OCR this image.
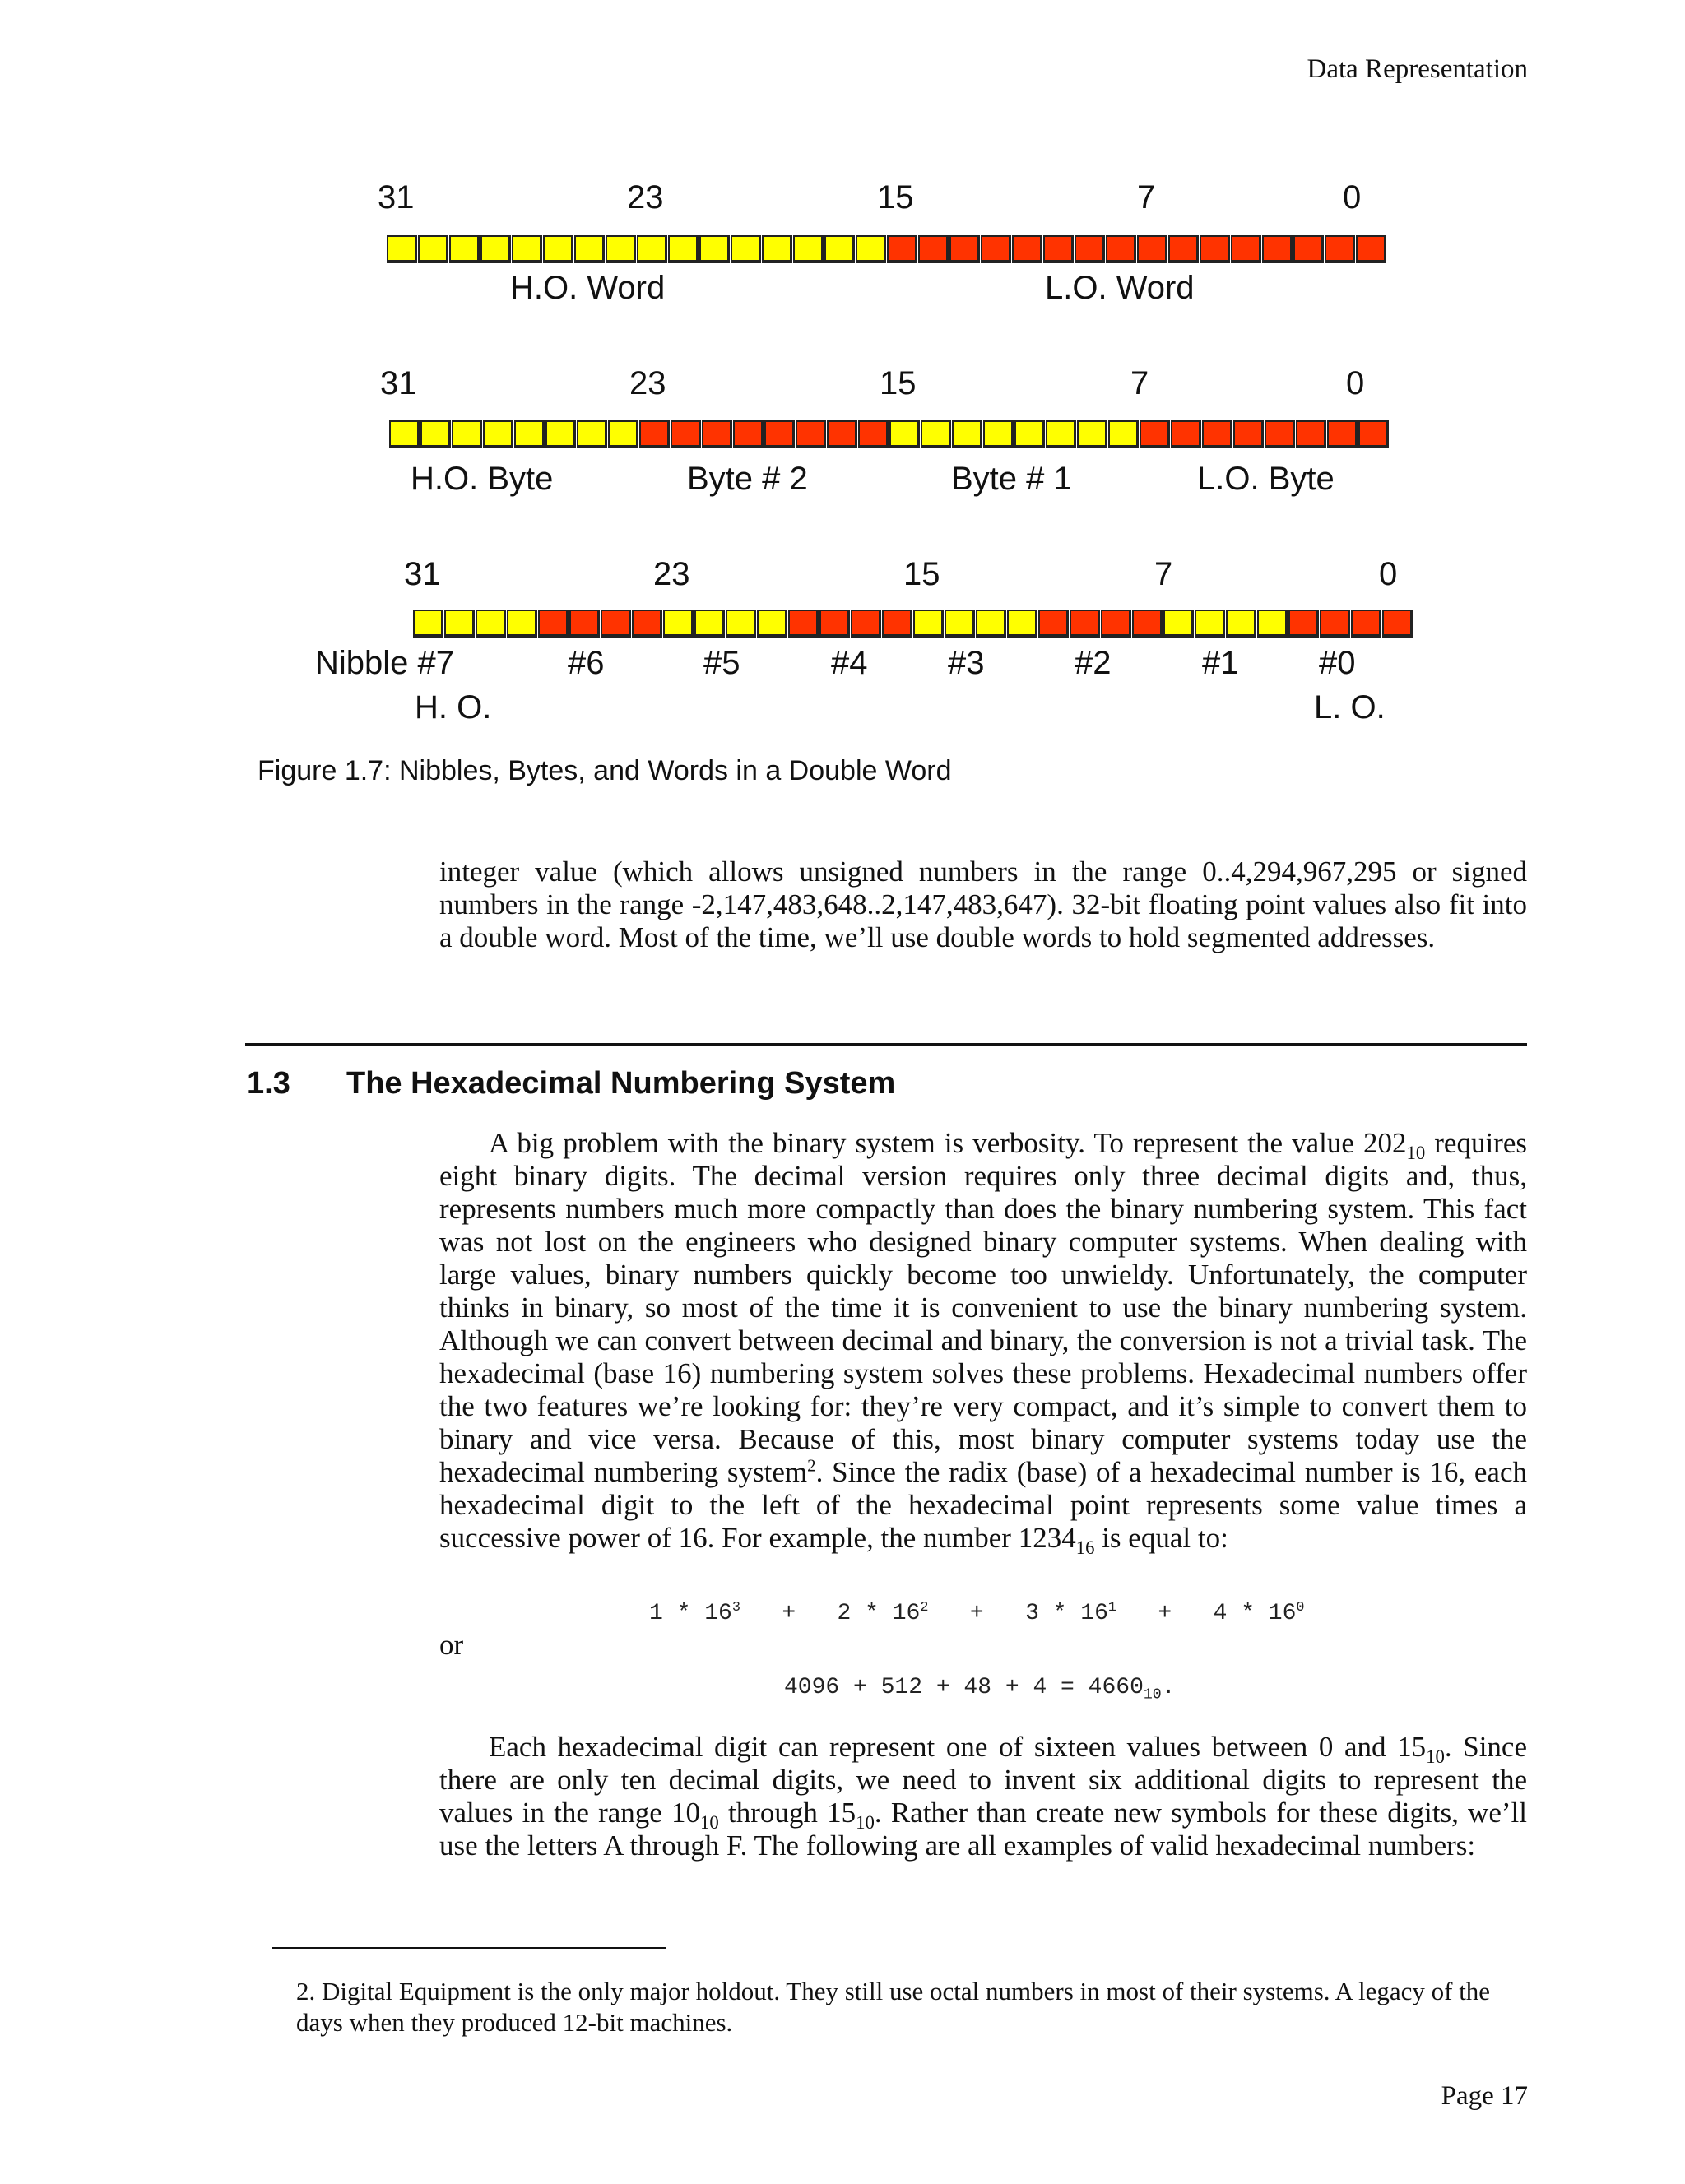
Data Representation
31	23	15	7	0
H.O. Word	L.O. Word
31	23	15	7	0
H.O. Byte	Byte # 2	Byte # 1	L.O. Byte
31	23	15	7	0
Nibble #7	#6	#5	#4 #3	#2	#1 #0
H. O.	L. O.
Figure 1.7: Nibbles, Bytes, and Words in a Double Word
integer value (which allows unsigned numbers in the range 0..4,294,967,295 or signed numbers in the range -2,147,483,648..2,147,483,647). 32-bit floating point values also fit into a double word. Most of the time, we’ll use double words to hold segmented addresses.
1.3 The Hexadecimal Numbering System
A big problem with the binary system is verbosity. To represent the value $202_{10}$ requires eight binary digits. The decimal version requires only three decimal digits and, thus, represents numbers much more compactly than does the binary numbering system. This fact was not lost on the engineers who designed binary computer systems. When dealing with large values, binary numbers quickly become too unwieldy. Unfortunately, the computer thinks in binary, so most of the time it is convenient to use the binary numbering system. Although we can convert between decimal and binary, the conversion is not a trivial task. The hexadecimal (base 16) numbering system solves these problems. Hexadecimal numbers offer the two features we’re looking for: they’re very compact, and it’s simple to convert them to binary and vice versa. Because of this, most binary computer systems today use the hexadecimal numbering system$^2$. Since the radix (base) of a hexadecimal number is 16, each hexadecimal digit to the left of the hexadecimal point represents some value times a successive power of 16. For example, the number $1234_{16}$ is equal to:
$1 * 16^3 + 2 * 16^2 + 3 * 16^1 + 4 * 16^0$
or
$4096 + 512 + 48 + 4 = 4660_{10}$.
Each hexadecimal digit can represent one of sixteen values between 0 and $15_{10}$. Since there are only ten decimal digits, we need to invent six additional digits to represent the values in the range $10_{10}$ through $15_{10}$. Rather than create new symbols for these digits, we’ll use the letters A through F. The following are all examples of valid hexadecimal numbers:
2. Digital Equipment is the only major holdout. They still use octal numbers in most of their systems. A legacy of the days when they produced 12-bit machines.
Page 17
